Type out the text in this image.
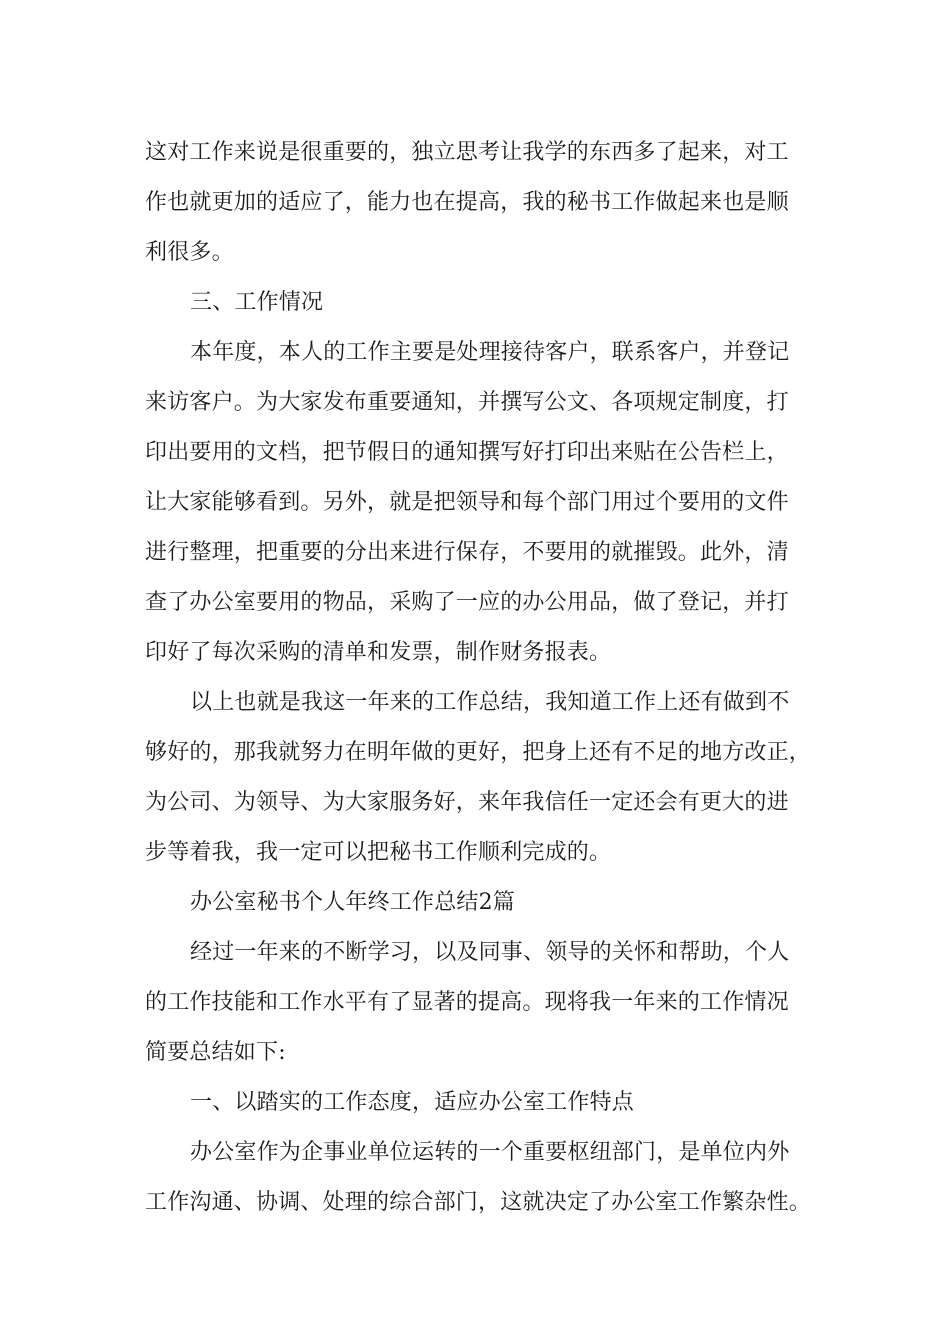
这对工作来说是很重要的，独立思考让我学的东西多了起来，对工
作也就更加的适应了，能力也在提高，我的秘书工作做起来也是顺
利很多。
三、工作情况
本年度，本人的工作主要是处理接待客户，联系客户，并登记
来访客户。为大家发布重要通知，并撰写公文、各项规定制度，打
印出要用的文档，把节假日的通知撰写好打印出来贴在公告栏上，
让大家能够看到。另外，就是把领导和每个部门用过个要用的文件
进行整理，把重要的分出来进行保存，不要用的就摧毁。此外，清
查了办公室要用的物品，采购了一应的办公用品，做了登记，并打
印好了每次采购的清单和发票，制作财务报表。
以上也就是我这一年来的工作总结，我知道工作上还有做到不
够好的，那我就努力在明年做的更好，把身上还有不足的地方改正，
为公司、为领导、为大家服务好，来年我信任一定还会有更大的进
步等着我，我一定可以把秘书工作顺利完成的。
办公室秘书个人年终工作总结2篇
经过一年来的不断学习，以及同事、领导的关怀和帮助，个人
的工作技能和工作水平有了显著的提高。现将我一年来的工作情况
简要总结如下:
一、以踏实的工作态度，适应办公室工作特点
办公室作为企事业单位运转的一个重要枢纽部门，是单位内外
工作沟通、协调、处理的综合部门，这就决定了办公室工作繁杂性。
